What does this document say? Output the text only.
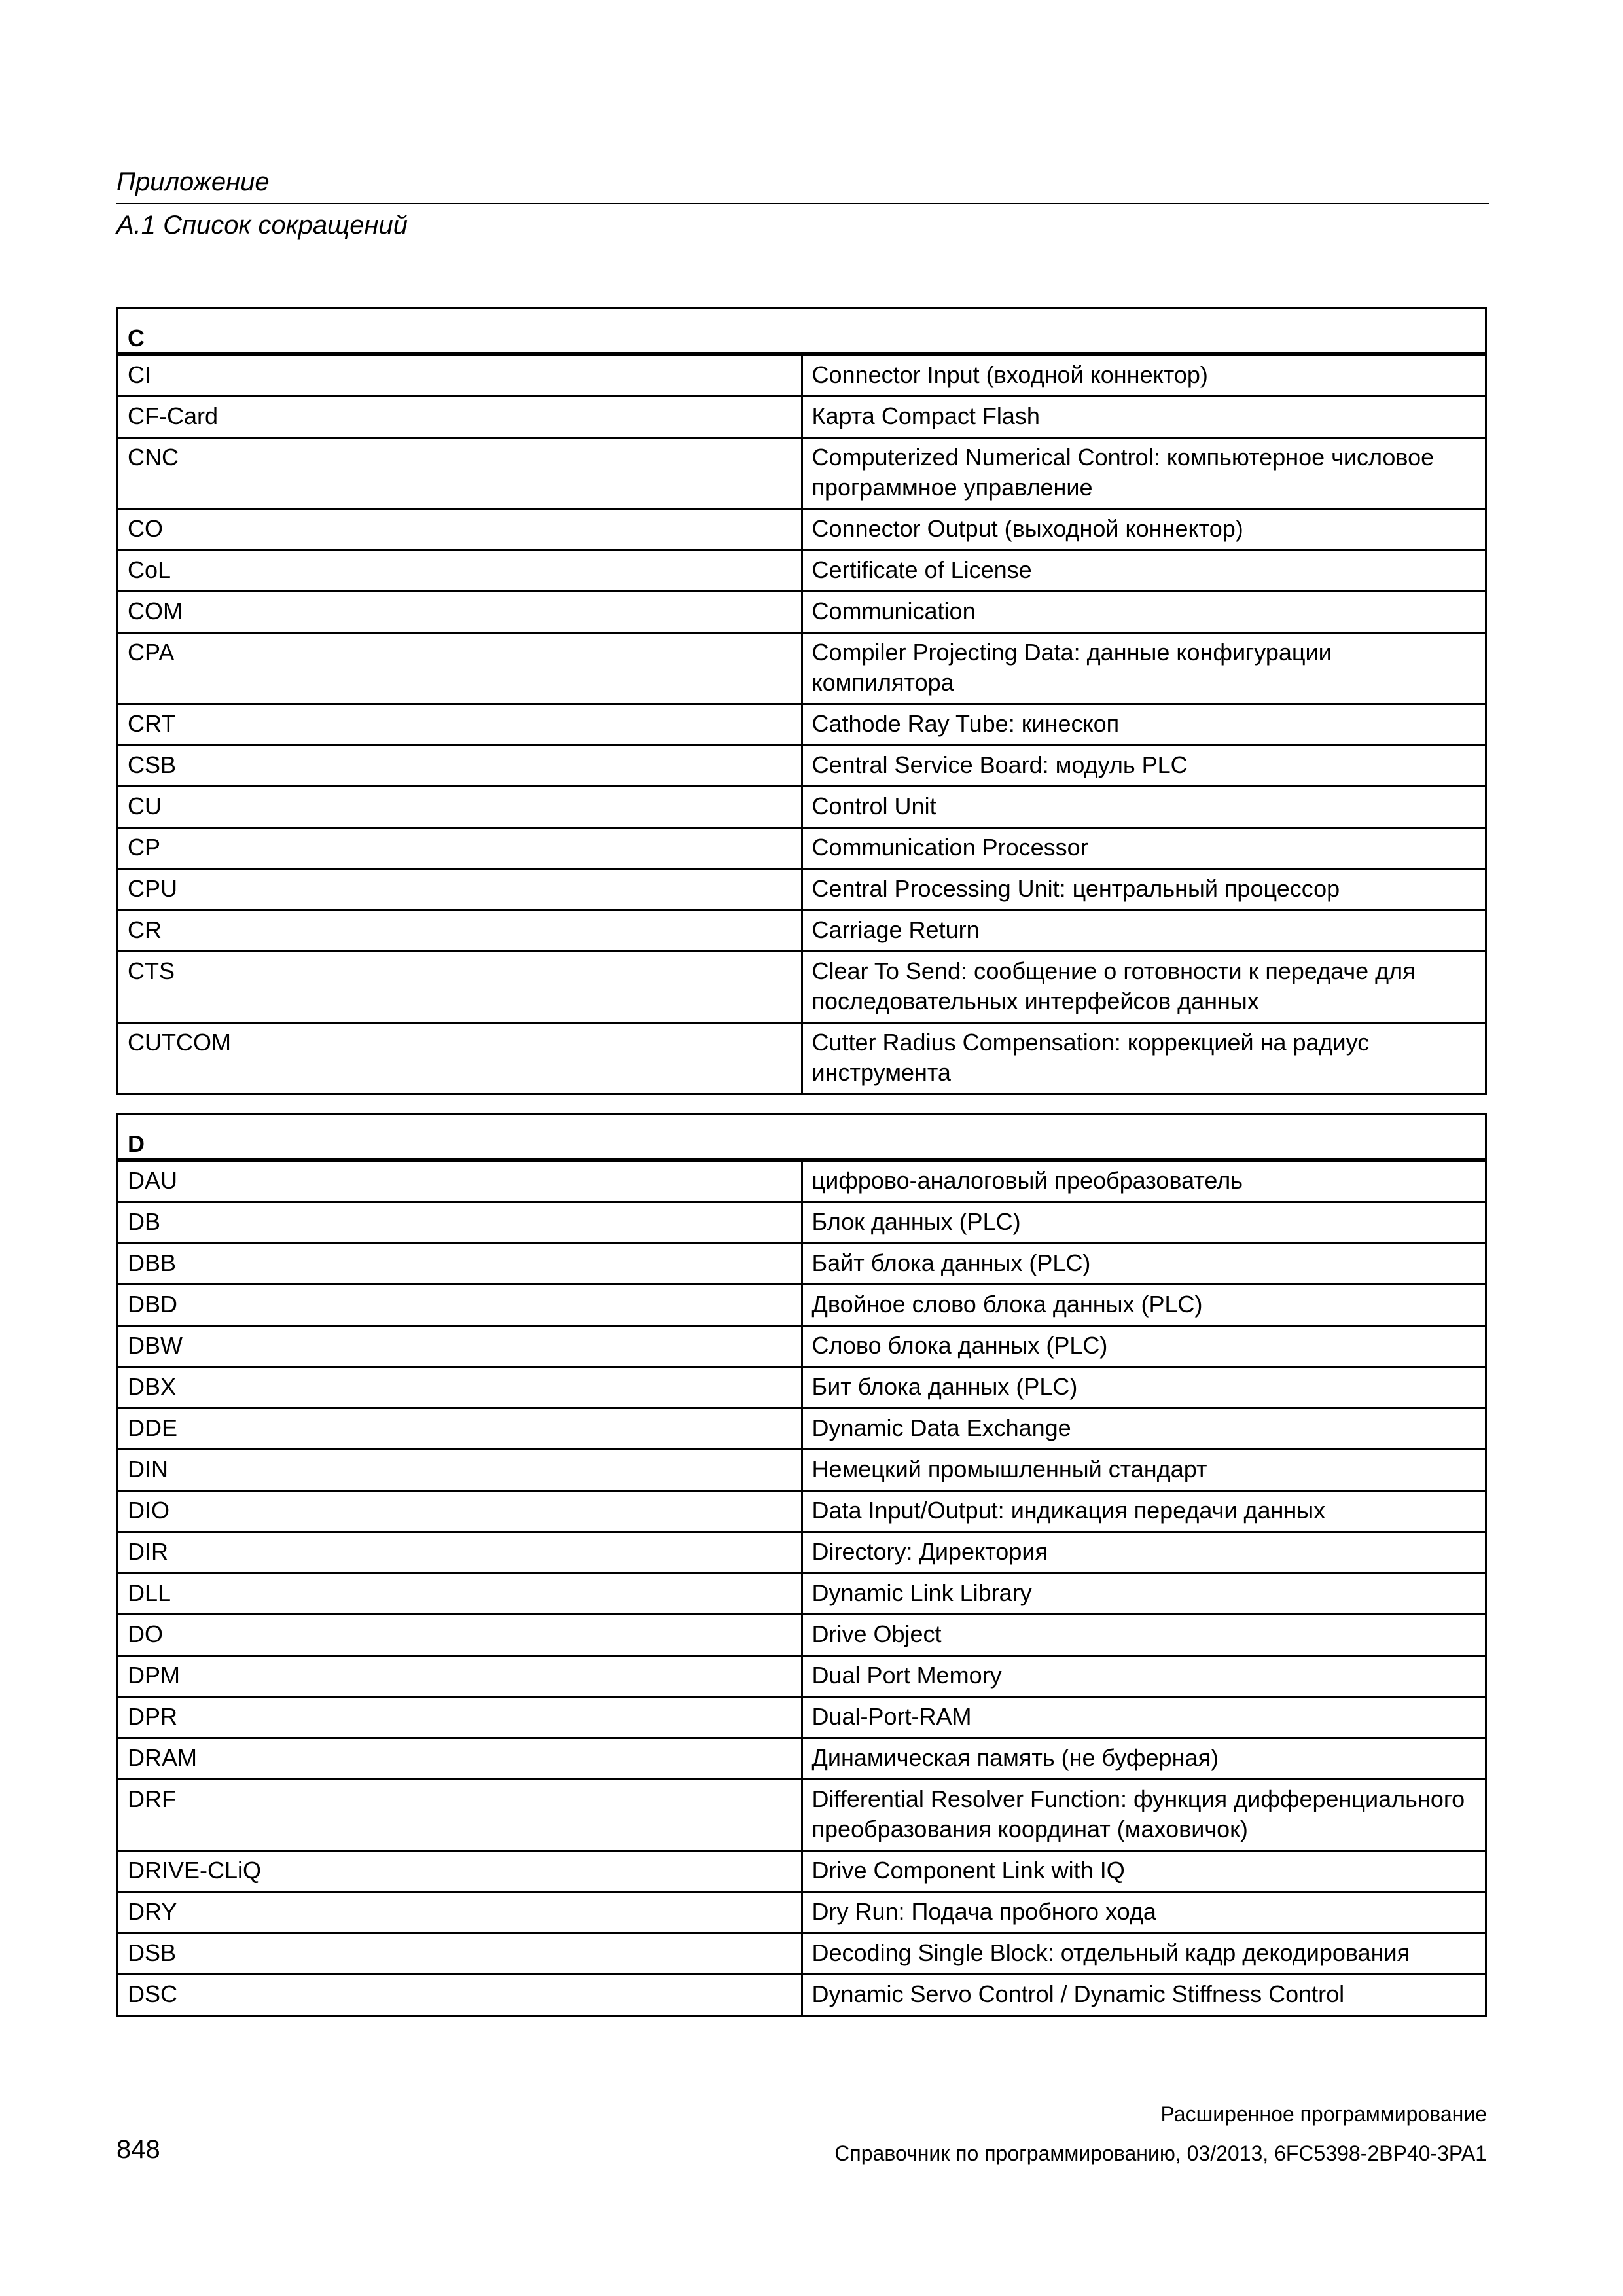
Приложение
А.1 Список сокращений
C	
CI	Connector Input (входной коннектор)
CF-Card	Карта Compact Flash
CNC	Computerized Numerical Control: компьютерное числовое программное управление
CO	Connector Output (выходной коннектор)
CoL	Certificate of License
COM	Communication
CPA	Compiler Projecting Data: данные конфигурации компилятора
CRT	Cathode Ray Tube: кинескоп
CSB	Central Service Board: модуль PLC
CU	Control Unit
CP	Communication Processor
CPU	Central Processing Unit: центральный процессор
CR	Carriage Return
CTS	Clear To Send: сообщение о готовности к передаче для последовательных интерфейсов данных
CUTCOM	Cutter Radius Compensation: коррекцией на радиус инструмента
D	
DAU	цифрово-аналоговый преобразователь
DB	Блок данных (PLC)
DBB	Байт блока данных (PLC)
DBD	Двойное слово блока данных (PLC)
DBW	Слово блока данных (PLC)
DBX	Бит блока данных (PLC)
DDE	Dynamic Data Exchange
DIN	Немецкий промышленный стандарт
DIO	Data Input/Output: индикация передачи данных
DIR	Directory: Директория
DLL	Dynamic Link Library
DO	Drive Object
DPM	Dual Port Memory
DPR	Dual-Port-RAM
DRAM	Динамическая память (не буферная)
DRF	Differential Resolver Function: функция дифференциального преобразования координат (маховичок)
DRIVE-CLiQ	Drive Component Link with IQ
DRY	Dry Run: Подача пробного хода
DSB	Decoding Single Block: отдельный кадр декодирования
DSC	Dynamic Servo Control / Dynamic Stiffness Control
848
Расширенное программирование
Справочник по программированию, 03/2013, 6FC5398-2BP40-3PA1
